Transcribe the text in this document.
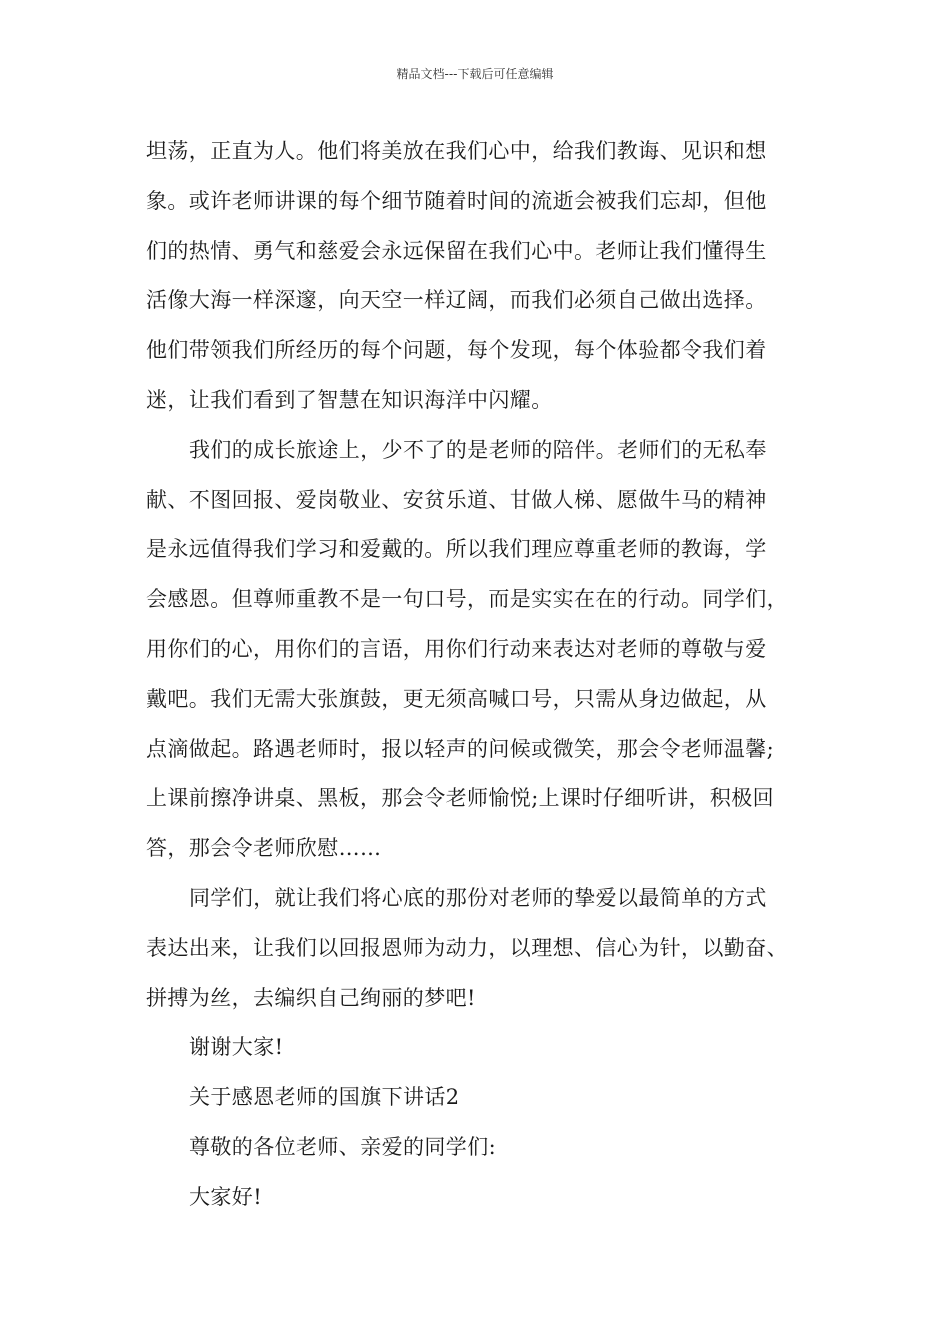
精品文档---下载后可任意编辑
坦荡，正直为人。他们将美放在我们心中，给我们教诲、见识和想
象。或许老师讲课的每个细节随着时间的流逝会被我们忘却，但他
们的热情、勇气和慈爱会永远保留在我们心中。老师让我们懂得生
活像大海一样深邃，向天空一样辽阔，而我们必须自己做出选择。
他们带领我们所经历的每个问题，每个发现，每个体验都令我们着
迷，让我们看到了智慧在知识海洋中闪耀。
我们的成长旅途上，少不了的是老师的陪伴。老师们的无私奉
献、不图回报、爱岗敬业、安贫乐道、甘做人梯、愿做牛马的精神
是永远值得我们学习和爱戴的。所以我们理应尊重老师的教诲，学
会感恩。但尊师重教不是一句口号，而是实实在在的行动。同学们，
用你们的心，用你们的言语，用你们行动来表达对老师的尊敬与爱
戴吧。我们无需大张旗鼓，更无须高喊口号，只需从身边做起，从
点滴做起。路遇老师时，报以轻声的问候或微笑，那会令老师温馨;
上课前擦净讲桌、黑板，那会令老师愉悦;上课时仔细听讲，积极回
答，那会令老师欣慰……
同学们，就让我们将心底的那份对老师的挚爱以最简单的方式
表达出来，让我们以回报恩师为动力，以理想、信心为针，以勤奋、
拼搏为丝，去编织自己绚丽的梦吧!
谢谢大家!
关于感恩老师的国旗下讲话2
尊敬的各位老师、亲爱的同学们:
大家好!
